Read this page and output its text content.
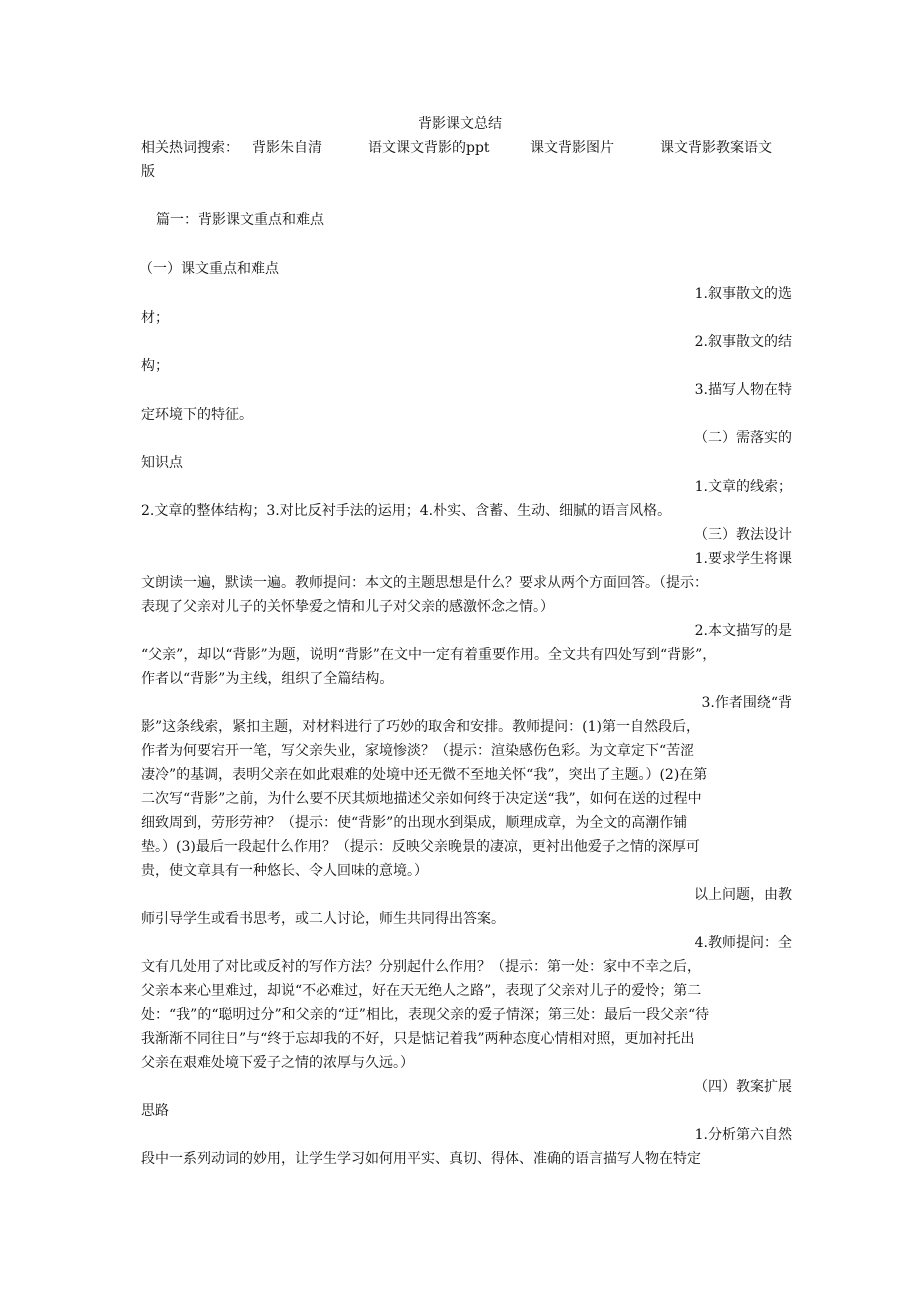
背影课文总结
相关热词搜索： 背影朱自清	语文课文背影的ppt	课文背影图片	课文背影教案语文
版
篇一：背影课文重点和难点
（一）课文重点和难点
1.叙事散文的选
材；
2.叙事散文的结
构；
3.描写人物在特
定环境下的特征。
（二）需落实的
知识点
1.文章的线索；
2.文章的整体结构；3.对比反衬手法的运用；4.朴实、含蓄、生动、细腻的语言风格。
（三）教法设计
1.要求学生将课
文朗读一遍，默读一遍。教师提问：本文的主题思想是什么？要求从两个方面回答。（提示：
表现了父亲对儿子的关怀挚爱之情和儿子对父亲的感激怀念之情。）
2.本文描写的是
“父亲”，却以“背影”为题，说明“背影”在文中一定有着重要作用。全文共有四处写到“背影”，
作者以“背影”为主线，组织了全篇结构。
3.作者围绕“背
影”这条线索，紧扣主题，对材料进行了巧妙的取舍和安排。教师提问：(1)第一自然段后，
作者为何要宕开一笔，写父亲失业，家境惨淡？（提示：渲染感伤色彩。为文章定下“苦涩
凄冷”的基调，表明父亲在如此艰难的处境中还无微不至地关怀“我”，突出了主题。）(2)在第
二次写“背影”之前，为什么要不厌其烦地描述父亲如何终于决定送“我”，如何在送的过程中
细致周到，劳形劳神？（提示：使“背影”的出现水到渠成，顺理成章，为全文的高潮作铺
垫。）(3)最后一段起什么作用？（提示：反映父亲晚景的凄凉，更衬出他爱子之情的深厚可
贵，使文章具有一种悠长、令人回味的意境。）
以上问题，由教
师引导学生或看书思考，或二人讨论，师生共同得出答案。
4.教师提问：全
文有几处用了对比或反衬的写作方法？分别起什么作用？（提示：第一处：家中不幸之后，
父亲本来心里难过，却说“不必难过，好在天无绝人之路”，表现了父亲对儿子的爱怜；第二
处：“我”的“聪明过分”和父亲的“迂”相比，表现父亲的爱子情深；第三处：最后一段父亲“待
我渐渐不同往日”与“终于忘却我的不好，只是惦记着我”两种态度心情相对照，更加衬托出
父亲在艰难处境下爱子之情的浓厚与久远。）
（四）教案扩展
思路
1.分析第六自然
段中一系列动词的妙用，让学生学习如何用平实、真切、得体、准确的语言描写人物在特定
